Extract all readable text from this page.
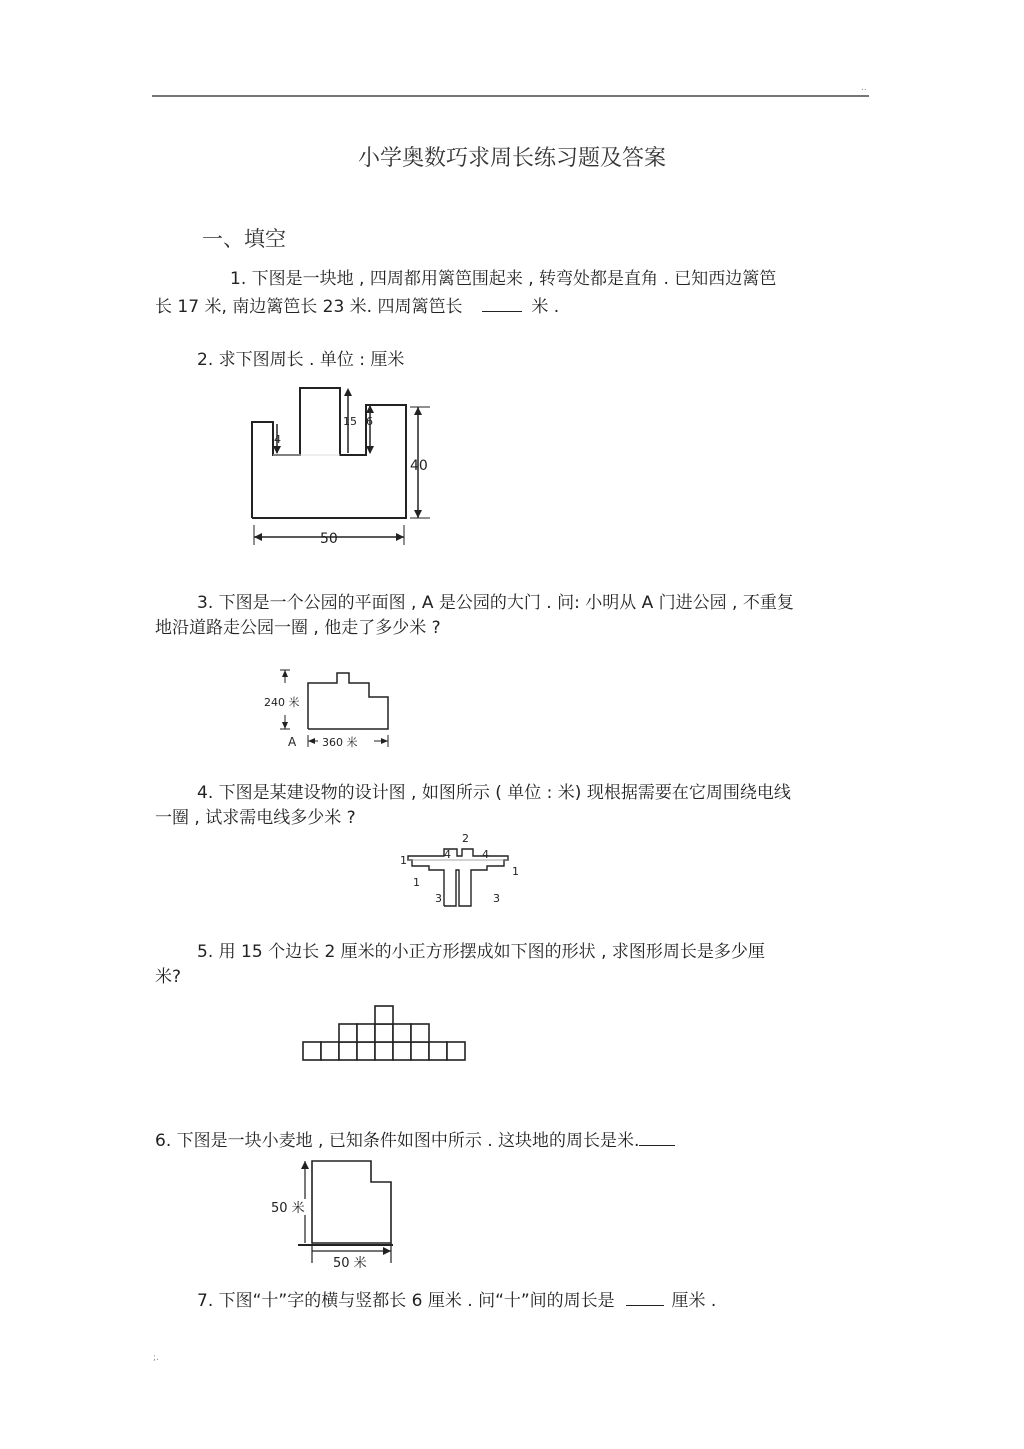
..
小学奥数巧求周长练习题及答案
一、填空
1. 下图是一块地 , 四周都用篱笆围起来 , 转弯处都是直角 . 已知西边篱笆
长 17 米, 南边篱笆长 23 米. 四周篱笆长	米 .
2. 求下图周长 . 单位 : 厘米
4
15 6
40
50
3. 下图是一个公园的平面图 , A 是公园的大门 . 问: 小明从 A 门进公园 , 不重复
地沿道路走公园一圈 , 他走了多少米 ?
240 米
A 360 米
4. 下图是某建设物的设计图 , 如图所示 ( 单位 : 米) 现根据需要在它周围绕电线
一圈 , 试求需电线多少米 ?
2
4	4
1
1
1
3	3
5. 用 15 个边长 2 厘米的小正方形摆成如下图的形状 , 求图形周长是多少厘
米?
6. 下图是一块小麦地 , 已知条件如图中所示 . 这块地的周长是米.
50 米
50 米
7. 下图“十”字的横与竖都长 6 厘米 . 问“十”间的周长是	厘米 .
;.
